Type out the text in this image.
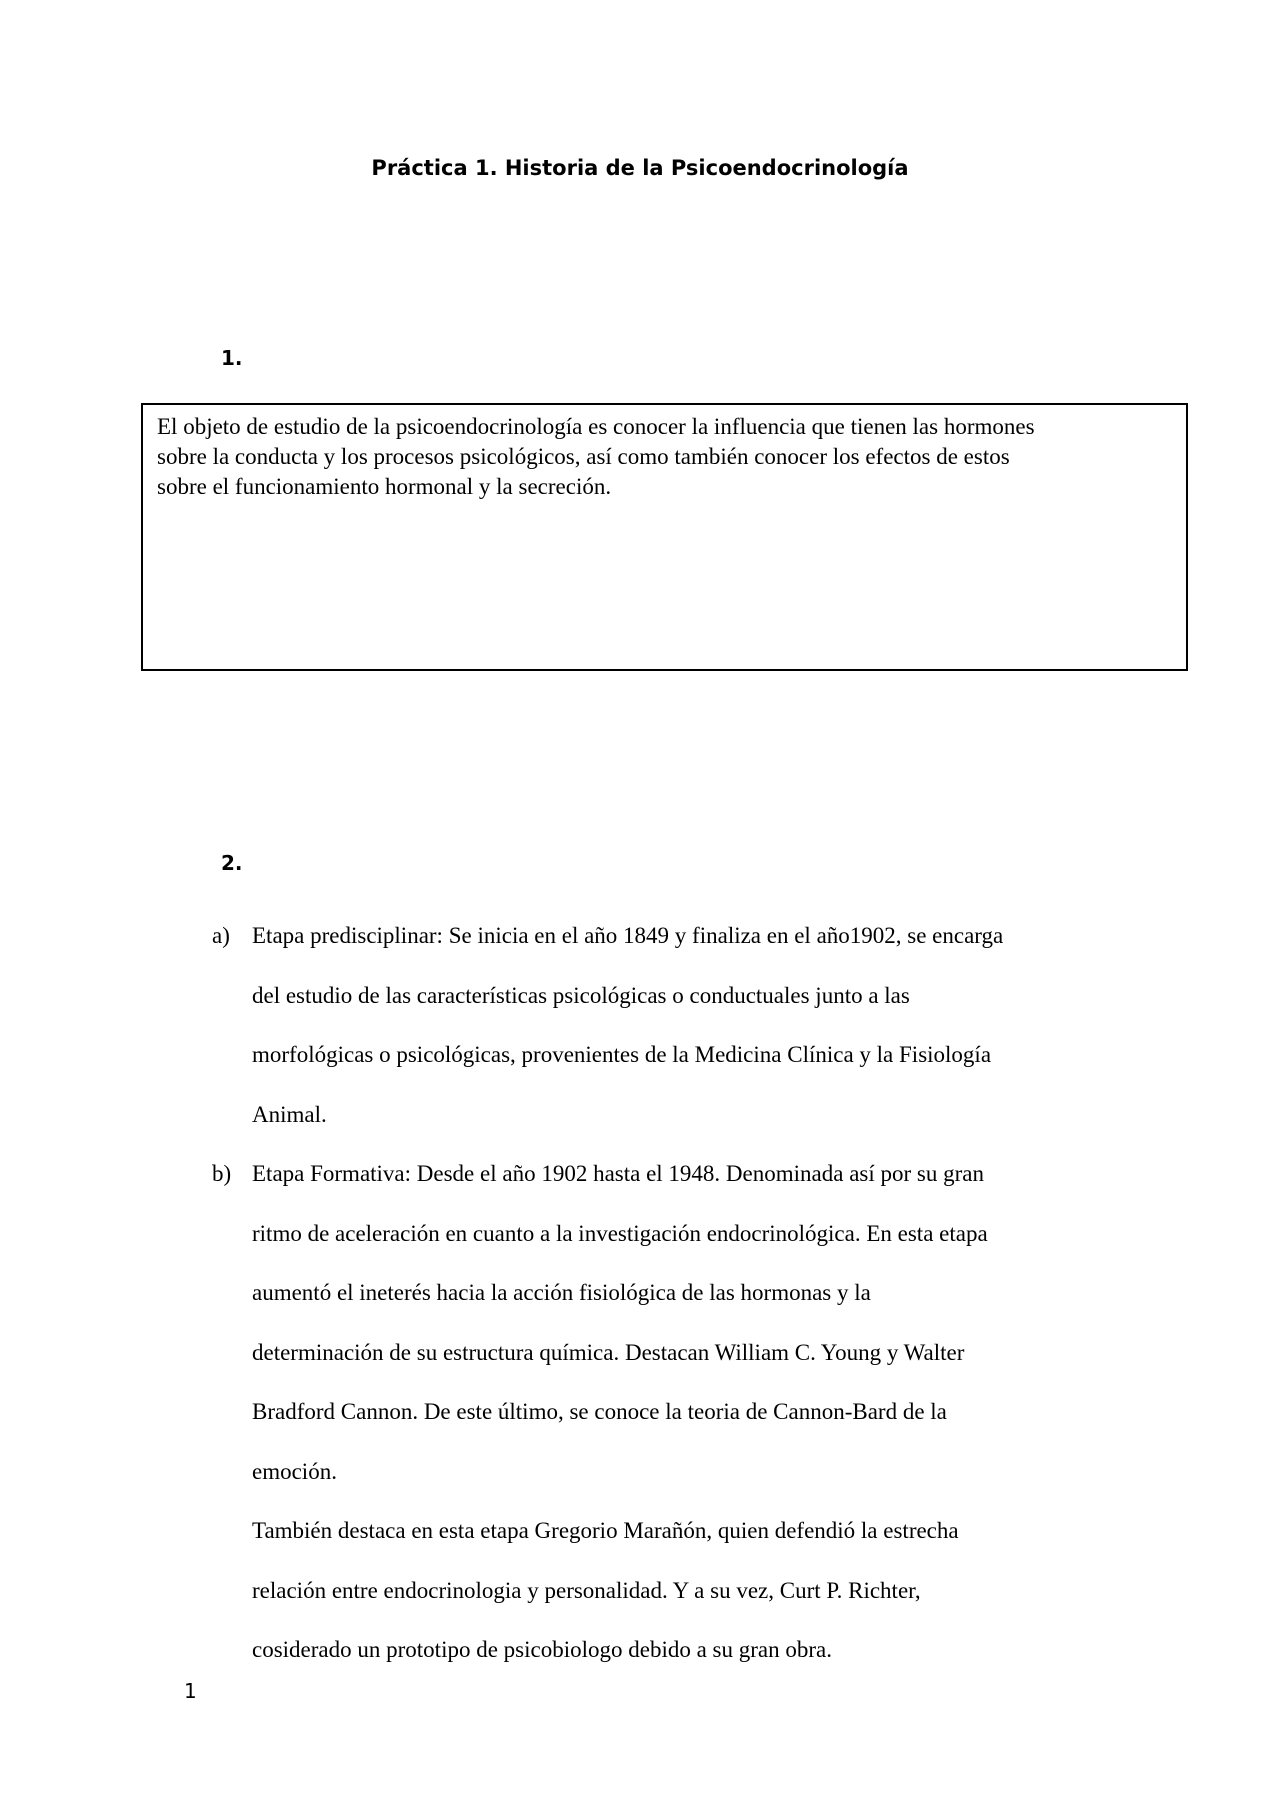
Práctica 1. Historia de la Psicoendocrinología
1.

El objeto de estudio de la psicoendocrinología es conocer la influencia que tienen las hormones
sobre la conducta y los procesos psicológicos, así como también conocer los efectos de estos
sobre el funcionamiento hormonal y la secreción.

2.
a) Etapa predisciplinar: Se inicia en el año 1849 y finaliza en el año1902, se encarga
del estudio de las características psicológicas o conductuales junto a las
morfológicas o psicológicas, provenientes de la Medicina Clínica y la Fisiología
Animal.
b) Etapa Formativa: Desde el año 1902 hasta el 1948. Denominada así por su gran
ritmo de aceleración en cuanto a la investigación endocrinológica. En esta etapa
aumentó el ineterés hacia la acción fisiológica de las hormonas y la
determinación de su estructura química. Destacan William C. Young y Walter
Bradford Cannon. De este último, se conoce la teoria de Cannon-Bard de la
emoción.
También destaca en esta etapa Gregorio Marañón, quien defendió la estrecha
relación entre endocrinologia y personalidad. Y a su vez, Curt P. Richter,
cosiderado un prototipo de psicobiologo debido a su gran obra.
1
